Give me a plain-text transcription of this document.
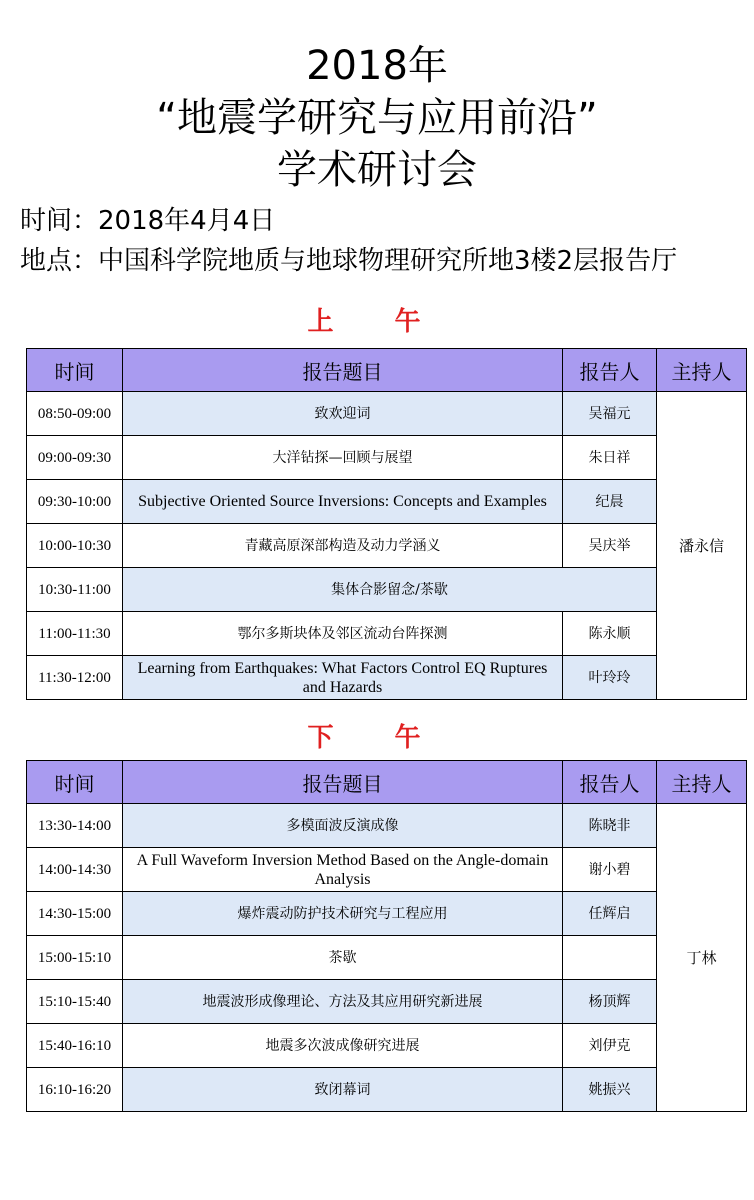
2018年
“地震学研究与应用前沿”
学术研讨会
时间：2018年4月4日
地点：中国科学院地质与地球物理研究所地3楼2层报告厅
上 午
时间	报告题目	报告人	主持人
08:50-09:00	致欢迎词	吴福元	潘永信
09:00-09:30	大洋钻探—回顾与展望	朱日祥	
09:30-10:00	Subjective Oriented Source Inversions: Concepts and Examples	纪晨	
10:00-10:30	青藏高原深部构造及动力学涵义	吴庆举	
10:30-11:00	集体合影留念/茶歇		
11:00-11:30	鄂尔多斯块体及邻区流动台阵探测	陈永顺	
11:30-12:00	Learning from Earthquakes: What Factors Control EQ Ruptures and Hazards	叶玲玲	
下 午
时间	报告题目	报告人	主持人
13:30-14:00	多模面波反演成像	陈晓非	丁林
14:00-14:30	A Full Waveform Inversion Method Based on the Angle-domain Analysis	谢小碧	
14:30-15:00	爆炸震动防护技术研究与工程应用	任辉启	
15:00-15:10	茶歇		
15:10-15:40	地震波形成像理论、方法及其应用研究新进展	杨顶辉	
15:40-16:10	地震多次波成像研究进展	刘伊克	
16:10-16:20	致闭幕词	姚振兴	
